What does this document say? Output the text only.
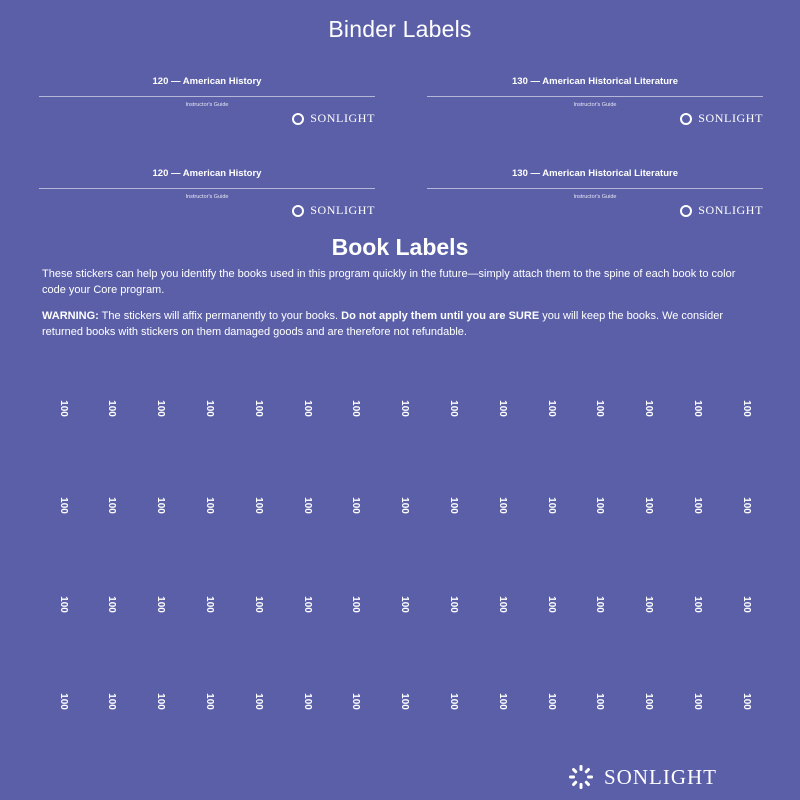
Binder Labels
120 — American History
Instructor's Guide
SONLIGHT
130 — American Historical Literature
Instructor's Guide
SONLIGHT
120 — American History
Instructor's Guide
SONLIGHT
130 — American Historical Literature
Instructor's Guide
SONLIGHT
Book Labels

These stickers can help you identify the books used in this program quickly in the future—simply attach them to the spine of each book to color code your Core program.

WARNING: The stickers will affix permanently to your books. Do not apply them until you are SURE you will keep the books. We consider returned books with stickers on them damaged goods and are therefore not refundable.

100	100	100	100	100	100	100	100	100	100	100	100	100	100	100
100	100	100	100	100	100	100	100	100	100	100	100	100	100	100
100	100	100	100	100	100	100	100	100	100	100	100	100	100	100
100	100	100	100	100	100	100	100	100	100	100	100	100	100	100
SONLIGHT
